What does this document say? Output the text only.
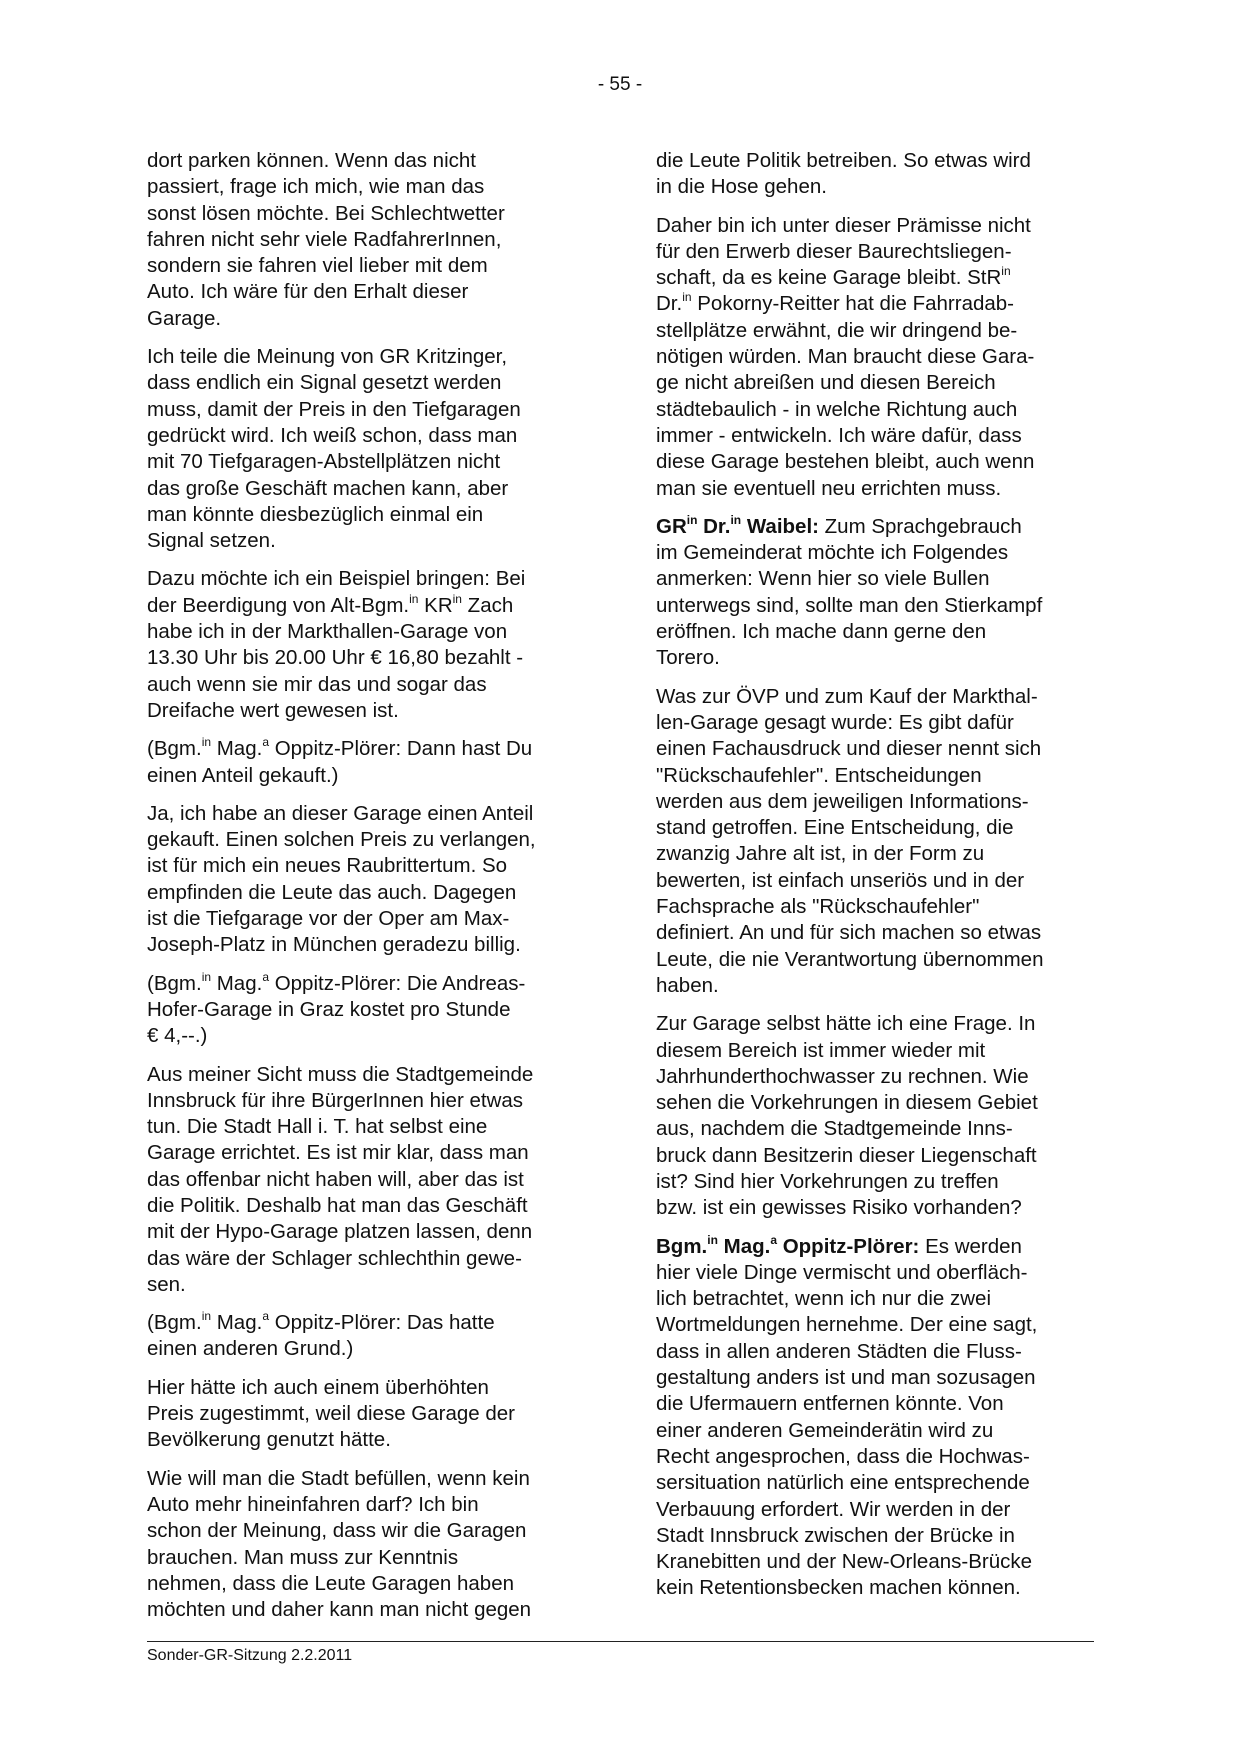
- 55 -

dort parken können. Wenn das nicht
passiert, frage ich mich, wie man das
sonst lösen möchte. Bei Schlechtwetter
fahren nicht sehr viele RadfahrerInnen,
sondern sie fahren viel lieber mit dem
Auto. Ich wäre für den Erhalt dieser
Garage.

Ich teile die Meinung von GR Kritzinger,
dass endlich ein Signal gesetzt werden
muss, damit der Preis in den Tiefgaragen
gedrückt wird. Ich weiß schon, dass man
mit 70 Tiefgaragen-Abstellplätzen nicht
das große Geschäft machen kann, aber
man könnte diesbezüglich einmal ein
Signal setzen.

Dazu möchte ich ein Beispiel bringen: Bei
der Beerdigung von Alt-Bgm.$^{in}$ $KR^{in}$ Zach
habe ich in der Markthallen-Garage von
13.30 Uhr bis 20.00 Uhr € 16,80 bezahlt -
auch wenn sie mir das und sogar das
Dreifache wert gewesen ist.

(Bgm.$^{in}$ Mag.$^a$ Oppitz-Plörer: Dann hast Du
einen Anteil gekauft.)

Ja, ich habe an dieser Garage einen Anteil
gekauft. Einen solchen Preis zu verlangen,
ist für mich ein neues Raubrittertum. So
empfinden die Leute das auch. Dagegen
ist die Tiefgarage vor der Oper am Max-
Joseph-Platz in München geradezu billig.

(Bgm.$^{in}$ Mag.$^a$ Oppitz-Plörer: Die Andreas-
Hofer-Garage in Graz kostet pro Stunde
€ 4,--.)

Aus meiner Sicht muss die Stadtgemeinde
Innsbruck für ihre BürgerInnen hier etwas
tun. Die Stadt Hall i. T. hat selbst eine
Garage errichtet. Es ist mir klar, dass man
das offenbar nicht haben will, aber das ist
die Politik. Deshalb hat man das Geschäft
mit der Hypo-Garage platzen lassen, denn
das wäre der Schlager schlechthin gewe-
sen.

(Bgm.$^{in}$ Mag.$^a$ Oppitz-Plörer: Das hatte
einen anderen Grund.)

Hier hätte ich auch einem überhöhten
Preis zugestimmt, weil diese Garage der
Bevölkerung genutzt hätte.

Wie will man die Stadt befüllen, wenn kein
Auto mehr hineinfahren darf? Ich bin
schon der Meinung, dass wir die Garagen
brauchen. Man muss zur Kenntnis
nehmen, dass die Leute Garagen haben
möchten und daher kann man nicht gegen

die Leute Politik betreiben. So etwas wird
in die Hose gehen.

Daher bin ich unter dieser Prämisse nicht
für den Erwerb dieser Baurechtsliegen-
schaft, da es keine Garage bleibt. StR$^{in}$
Dr.$^{in}$ Pokorny-Reitter hat die Fahrradab-
stellplätze erwähnt, die wir dringend be-
nötigen würden. Man braucht diese Gara-
ge nicht abreißen und diesen Bereich
städtebaulich - in welche Richtung auch
immer - entwickeln. Ich wäre dafür, dass
diese Garage bestehen bleibt, auch wenn
man sie eventuell neu errichten muss.

$GR^{in}$ Dr.$^{in}$ Waibel: Zum Sprachgebrauch
im Gemeinderat möchte ich Folgendes
anmerken: Wenn hier so viele Bullen
unterwegs sind, sollte man den Stierkampf
eröffnen. Ich mache dann gerne den
Torero.

Was zur ÖVP und zum Kauf der Markthal-
len-Garage gesagt wurde: Es gibt dafür
einen Fachausdruck und dieser nennt sich
"Rückschaufehler". Entscheidungen
werden aus dem jeweiligen Informations-
stand getroffen. Eine Entscheidung, die
zwanzig Jahre alt ist, in der Form zu
bewerten, ist einfach unseriös und in der
Fachsprache als "Rückschaufehler"
definiert. An und für sich machen so etwas
Leute, die nie Verantwortung übernommen
haben.

Zur Garage selbst hätte ich eine Frage. In
diesem Bereich ist immer wieder mit
Jahrhunderthochwasser zu rechnen. Wie
sehen die Vorkehrungen in diesem Gebiet
aus, nachdem die Stadtgemeinde Inns-
bruck dann Besitzerin dieser Liegenschaft
ist? Sind hier Vorkehrungen zu treffen
bzw. ist ein gewisses Risiko vorhanden?

Bgm.$^{in}$ Mag.$^a$ Oppitz-Plörer: Es werden
hier viele Dinge vermischt und oberfläch-
lich betrachtet, wenn ich nur die zwei
Wortmeldungen hernehme. Der eine sagt,
dass in allen anderen Städten die Fluss-
gestaltung anders ist und man sozusagen
die Ufermauern entfernen könnte. Von
einer anderen Gemeinderätin wird zu
Recht angesprochen, dass die Hochwas-
sersituation natürlich eine entsprechende
Verbauung erfordert. Wir werden in der
Stadt Innsbruck zwischen der Brücke in
Kranebitten und der New-Orleans-Brücke
kein Retentionsbecken machen können.

Sonder-GR-Sitzung 2.2.2011
